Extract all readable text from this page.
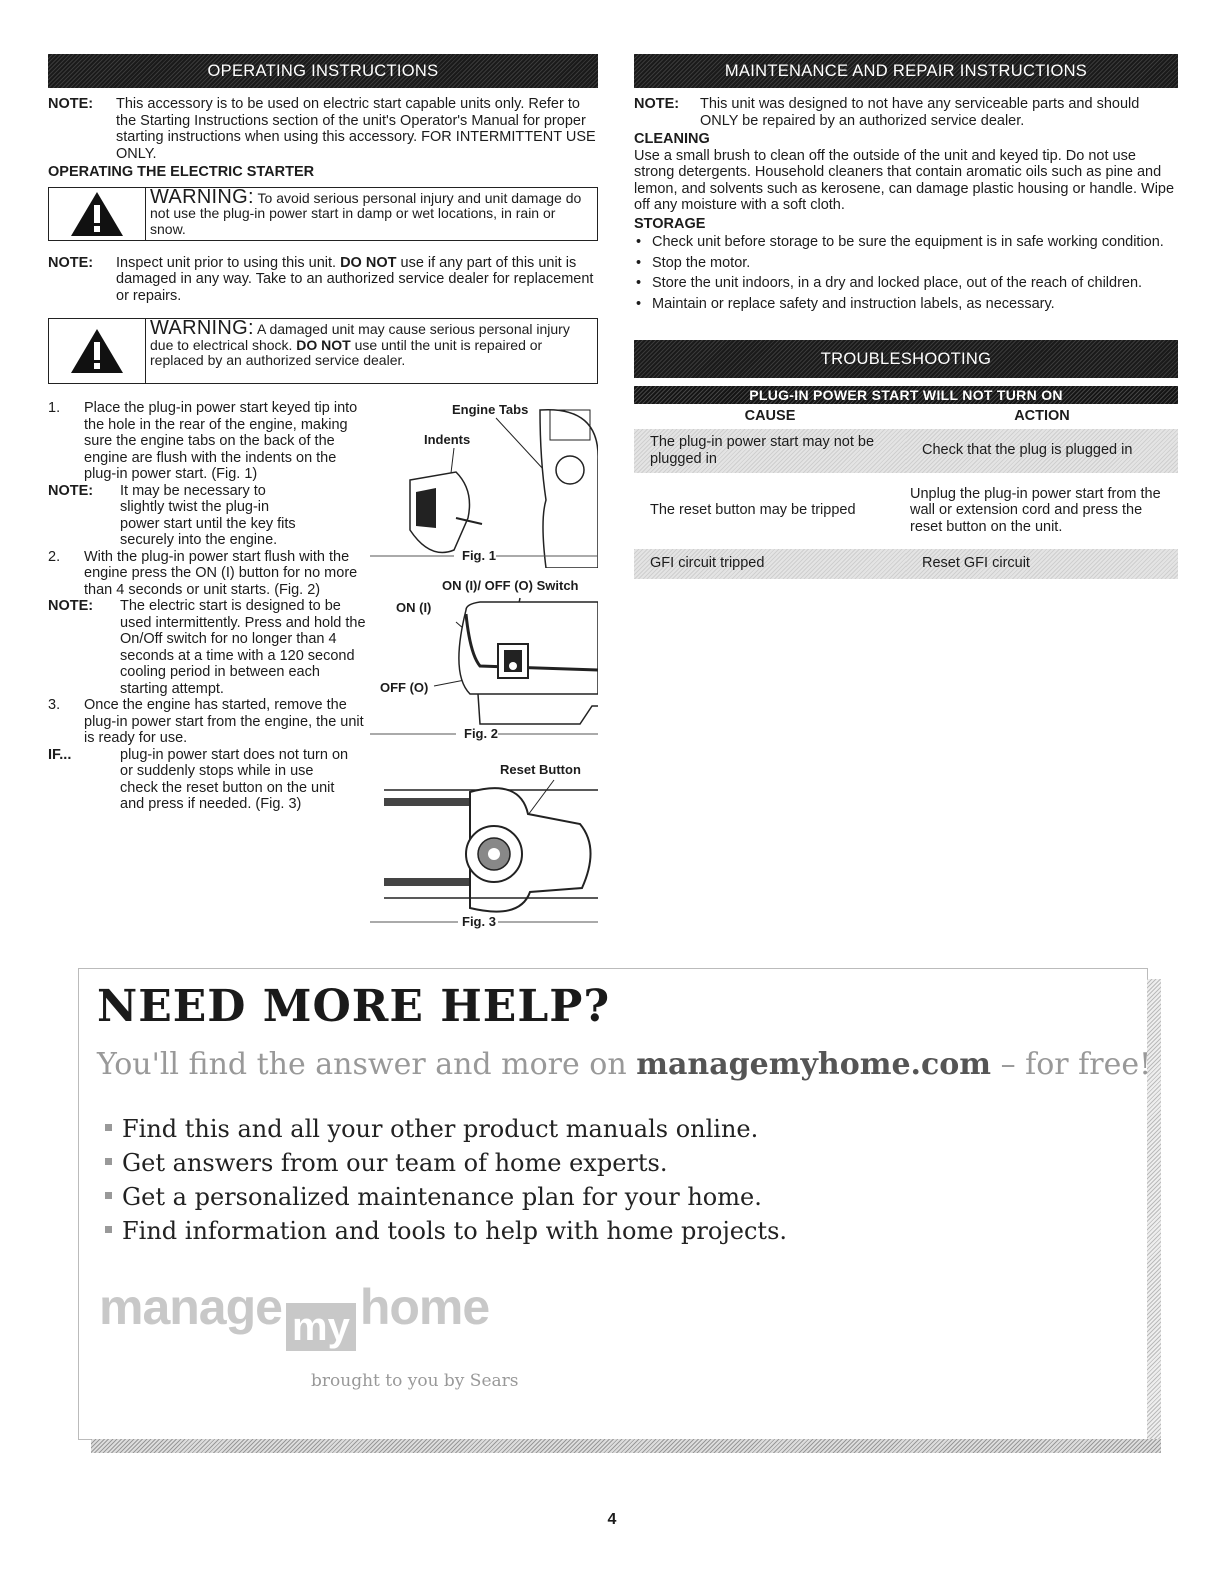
OPERATING INSTRUCTIONS
NOTE:	This accessory is to be used on electric start capable units only. Refer to the Starting Instructions section of the unit's Operator's Manual for proper starting instructions when using this accessory. FOR INTERMITTENT USE ONLY.
OPERATING THE ELECTRIC STARTER
WARNING: To avoid serious personal injury and unit damage do not use the plug-in power start in damp or wet locations, in rain or snow.
NOTE:	Inspect unit prior to using this unit. DO NOT use if any part of this unit is damaged in any way. Take to an authorized service dealer for replacement or repairs.
WARNING: A damaged unit may cause serious personal injury due to electrical shock. DO NOT use until the unit is repaired or replaced by an authorized service dealer.
1.	Place the plug-in power start keyed tip into the hole in the rear of the engine, making sure the engine tabs on the back of the engine are flush with the indents on the plug-in power start. (Fig. 1)
NOTE:	It may be necessary to slightly twist the plug-in power start until the key fits securely into the engine.
2.	With the plug-in power start flush with the engine press the ON (I) button for no more than 4 seconds or unit starts. (Fig. 2)
NOTE:	The electric start is designed to be used intermittently. Press and hold the On/Off switch for no longer than 4 seconds at a time with a 120 second cooling period in between each starting attempt.
3.	Once the engine has started, remove the plug-in power start from the engine, the unit is ready for use.
IF...	plug-in power start does not turn on or suddenly stops while in use check the reset button on the unit and press if needed. (Fig. 3)
Engine Tabs
Indents
Fig. 1
ON (I)/ OFF (O) Switch
ON (I)
OFF (O)
Fig. 2
Reset Button
Fig. 3
MAINTENANCE AND REPAIR INSTRUCTIONS
NOTE:	This unit was designed to not have any serviceable parts and should ONLY be repaired by an authorized service dealer.
CLEANING
Use a small brush to clean off the outside of the unit and keyed tip. Do not use strong detergents. Household cleaners that contain aromatic oils such as pine and lemon, and solvents such as kerosene, can damage plastic housing or handle. Wipe off any moisture with a soft cloth.
STORAGE
• Check unit before storage to be sure the equipment is in safe working condition.
• Stop the motor.
• Store the unit indoors, in a dry and locked place, out of the reach of children.
• Maintain or replace safety and instruction labels, as necessary.
TROUBLESHOOTING
PLUG-IN POWER START WILL NOT TURN ON
CAUSE	ACTION
The plug-in power start may not be plugged in	Check that the plug is plugged in
The reset button may be tripped	Unplug the plug-in power start from the wall or extension cord and press the reset button on the unit.
GFI circuit tripped	Reset GFI circuit
NEED MORE HELP?
You'll find the answer and more on managemyhome.com – for free!
Find this and all your other product manuals online.
Get answers from our team of home experts.
Get a personalized maintenance plan for your home.
Find information and tools to help with home projects.
manage my home
brought to you by Sears
4
